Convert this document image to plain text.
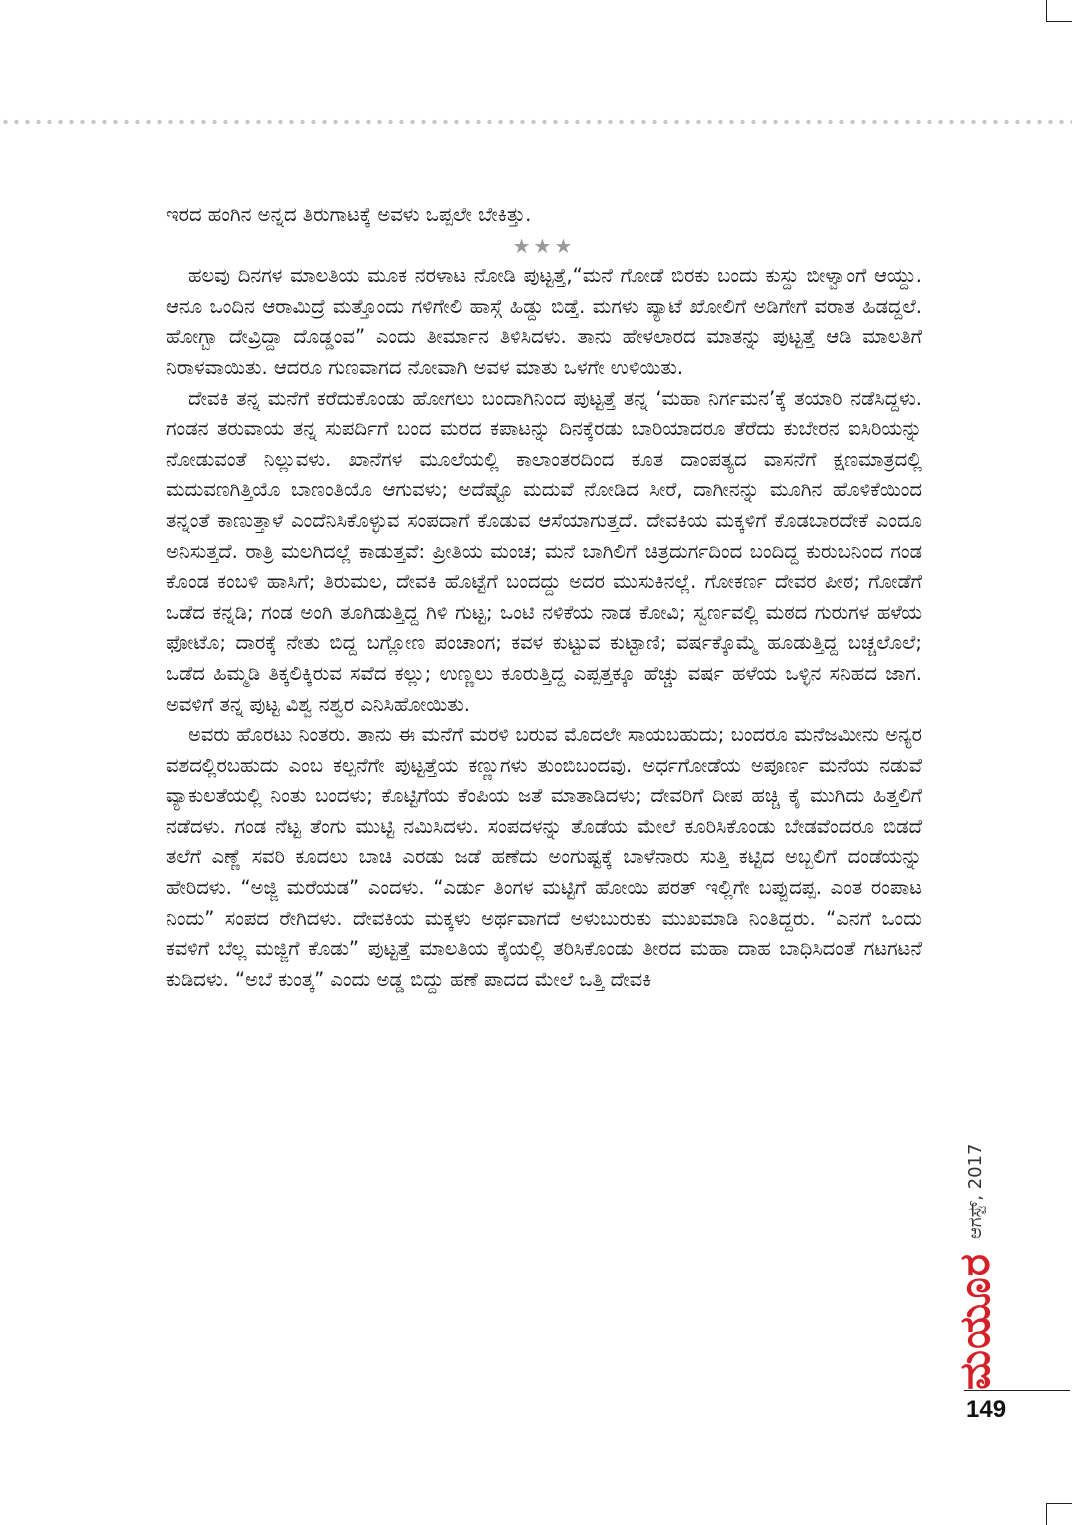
ಇರದ ಹಂಗಿನ ಅನ್ನದ ತಿರುಗಾಟಕ್ಕೆ ಅವಳು ಒಪ್ಪಲೇ ಬೇಕಿತ್ತು.

★★★

ಹಲವು ದಿನಗಳ ಮಾಲತಿಯ ಮೂಕ ನರಳಾಟ ನೋಡಿ ಪುಟ್ಟತ್ತೆ,“ಮನೆ ಗೋಡೆ ಬಿರಕು ಬಂದು ಕುಸ್ದು ಬೀಳ್ವಾಂಗೆ ಆಯ್ದು. ಆನೂ ಒಂದಿನ ಆರಾಮಿದ್ರೆ ಮತ್ತೊಂದು ಗಳಿಗೇಲಿ ಹಾಸ್ಗೆ ಹಿಡ್ದು ಬಿಡ್ತೆ. ಮಗಳು ಪ್ಯಾಟೆ ಖೋಲಿಗೆ ಅಡಿಗೇಗೆ ವರಾತ ಹಿಡದ್ದಲೆ. ಹೋಗ್ಬಾ ದೇವ್ರಿದ್ದಾ ದೊಡ್ಡಂವ” ಎಂದು ತೀರ್ಮಾನ ತಿಳಿಸಿದಳು. ತಾನು ಹೇಳಲಾರದ ಮಾತನ್ನು ಪುಟ್ಟತ್ತೆ ಆಡಿ ಮಾಲತಿಗೆ ನಿರಾಳವಾಯಿತು. ಆದರೂ ಗುಣವಾಗದ ನೋವಾಗಿ ಅವಳ ಮಾತು ಒಳಗೇ ಉಳಿಯಿತು.

ದೇವಕಿ ತನ್ನ ಮನೆಗೆ ಕರೆದುಕೊಂಡು ಹೋಗಲು ಬಂದಾಗಿನಿಂದ ಪುಟ್ಟತ್ತೆ ತನ್ನ ‘ಮಹಾ ನಿರ್ಗಮನ’ಕ್ಕೆ ತಯಾರಿ ನಡೆಸಿದ್ದಳು. ಗಂಡನ ತರುವಾಯ ತನ್ನ ಸುಪರ್ದಿಗೆ ಬಂದ ಮರದ ಕಪಾಟನ್ನು ದಿನಕ್ಕೆರಡು ಬಾರಿಯಾದರೂ ತೆರೆದು ಕುಬೇರನ ಐಸಿರಿಯನ್ನು ನೋಡುವಂತೆ ನಿಲ್ಲುವಳು. ಖಾನೆಗಳ ಮೂಲೆಯಲ್ಲಿ ಕಾಲಾಂತರದಿಂದ ಕೂತ ದಾಂಪತ್ಯದ ವಾಸನೆಗೆ ಕ್ಷಣಮಾತ್ರದಲ್ಲಿ ಮದುವಣಗಿತ್ತಿಯೊ ಬಾಣಂತಿಯೊ ಆಗುವಳು; ಅದೆಷ್ಟೊ ಮದುವೆ ನೋಡಿದ ಸೀರೆ, ದಾಗೀನನ್ನು ಮೂಗಿನ ಹೊಳಿಕೆಯಿಂದ ತನ್ನಂತೆ ಕಾಣುತ್ತಾಳೆ ಎಂದೆನಿಸಿಕೊಳ್ಳುವ ಸಂಪದಾಗೆ ಕೊಡುವ ಆಸೆಯಾಗುತ್ತದೆ. ದೇವಕಿಯ ಮಕ್ಕಳಿಗೆ ಕೊಡಬಾರದೇಕೆ ಎಂದೂ ಅನಿಸುತ್ತದೆ. ರಾತ್ರಿ ಮಲಗಿದಲ್ಲೆ ಕಾಡುತ್ತವೆ: ಪ್ರೀತಿಯ ಮಂಚ; ಮನೆ ಬಾಗಿಲಿಗೆ ಚಿತ್ರದುರ್ಗದಿಂದ ಬಂದಿದ್ದ ಕುರುಬನಿಂದ ಗಂಡ ಕೊಂಡ ಕಂಬಳಿ ಹಾಸಿಗೆ; ತಿರುಮಲ, ದೇವಕಿ ಹೊಟ್ಟೆಗೆ ಬಂದದ್ದು ಅದರ ಮುಸುಕಿನಲ್ಲೆ. ಗೋಕರ್ಣ ದೇವರ ಪೀಠ; ಗೋಡೆಗೆ ಒಡೆದ ಕನ್ನಡಿ; ಗಂಡ ಅಂಗಿ ತೂಗಿಡುತ್ತಿದ್ದ ಗಿಳಿ ಗುಟ್ಟ; ಒಂಟಿ ನಳಿಕೆಯ ನಾಡ ಕೋವಿ; ಸ್ವರ್ಣವಲ್ಲಿ ಮಠದ ಗುರುಗಳ ಹಳೆಯ ಫೋಟೊ; ದಾರಕ್ಕೆ ನೇತು ಬಿದ್ದ ಬಗ್ಲೋಣ ಪಂಚಾಂಗ; ಕವಳ ಕುಟ್ಟುವ ಕುಟ್ಟಾಣಿ; ವರ್ಷಕ್ಕೊಮ್ಮೆ ಹೂಡುತ್ತಿದ್ದ ಬಚ್ಚಲೊಲೆ; ಒಡೆದ ಹಿಮ್ಮಡಿ ತಿಕ್ಕಲಿಕ್ಕಿರುವ ಸವೆದ ಕಲ್ಲು; ಉಣ್ಣಲು ಕೂರುತ್ತಿದ್ದ ಎಪ್ಪತ್ತಕ್ಕೂ ಹೆಚ್ಚು ವರ್ಷ ಹಳೆಯ ಒಳ್ಳಿನ ಸನಿಹದ ಜಾಗ. ಅವಳಿಗೆ ತನ್ನ ಪುಟ್ಟ ವಿಶ್ವ ನಶ್ವರ ಎನಿಸಿಹೋಯಿತು.

ಅವರು ಹೊರಟು ನಿಂತರು. ತಾನು ಈ ಮನೆಗೆ ಮರಳಿ ಬರುವ ಮೊದಲೇ ಸಾಯಬಹುದು; ಬಂದರೂ ಮನೆಜಮೀನು ಅನ್ಯರ ವಶದಲ್ಲಿರಬಹುದು ಎಂಬ ಕಲ್ಪನೆಗೇ ಪುಟ್ಟತ್ತೆಯ ಕಣ್ಣುಗಳು ತುಂಬಿಬಂದವು. ಅರ್ಧಗೋಡೆಯ ಅಪೂರ್ಣ ಮನೆಯ ನಡುವೆ ವ್ಯಾಕುಲತೆಯಲ್ಲಿ ನಿಂತು ಬಂದಳು; ಕೊಟ್ಟಿಗೆಯ ಕೆಂಪಿಯ ಜತೆ ಮಾತಾಡಿದಳು; ದೇವರಿಗೆ ದೀಪ ಹಚ್ಚಿ ಕೈ ಮುಗಿದು ಹಿತ್ತಲಿಗೆ ನಡೆದಳು. ಗಂಡ ನೆಟ್ಟ ತೆಂಗು ಮುಟ್ಟಿ ನಮಿಸಿದಳು. ಸಂಪದಳನ್ನು ತೊಡೆಯ ಮೇಲೆ ಕೂರಿಸಿಕೊಂಡು ಬೇಡವೆಂದರೂ ಬಿಡದೆ ತಲೆಗೆ ಎಣ್ಣೆ ಸವರಿ ಕೂದಲು ಬಾಚಿ ಎರಡು ಜಡೆ ಹಣೆದು ಅಂಗುಷ್ಟಕ್ಕೆ ಬಾಳೆನಾರು ಸುತ್ತಿ ಕಟ್ಟಿದ ಅಬ್ಬಲಿಗೆ ದಂಡೆಯನ್ನು ಹೇರಿದಳು. “ಅಜ್ಜಿ ಮರೆಯಡ” ಎಂದಳು. “ಎರ್ಡು ತಿಂಗಳ ಮಟ್ಟಿಗೆ ಹೋಯಿ ಪರತ್ ಇಲ್ಲಿಗೇ ಬಪ್ಪುದಪ್ಪ. ಎಂತ ರಂಪಾಟ ನಿಂದು” ಸಂಪದ ರೇಗಿದಳು. ದೇವಕಿಯ ಮಕ್ಕಳು ಅರ್ಥವಾಗದೆ ಅಳುಬುರುಕು ಮುಖಮಾಡಿ ನಿಂತಿದ್ದರು. “ಎನಗೆ ಒಂದು ಕವಳಿಗೆ ಬೆಲ್ಲ ಮಜ್ಜಿಗೆ ಕೊಡು” ಪುಟ್ಟತ್ತೆ ಮಾಲತಿಯ ಕೈಯಲ್ಲಿ ತರಿಸಿಕೊಂಡು ತೀರದ ಮಹಾ ದಾಹ ಬಾಧಿಸಿದಂತೆ ಗಟಗಟನೆ ಕುಡಿದಳು. “ಅಬೆ ಕುಂತ್ಕ” ಎಂದು ಅಡ್ಡ ಬಿದ್ದು ಹಣೆ ಪಾದದ ಮೇಲೆ ಒತ್ತಿ ದೇವಕಿ

ಮಯೂರ
ಆಗಸ್ಟ್, 2017
149
